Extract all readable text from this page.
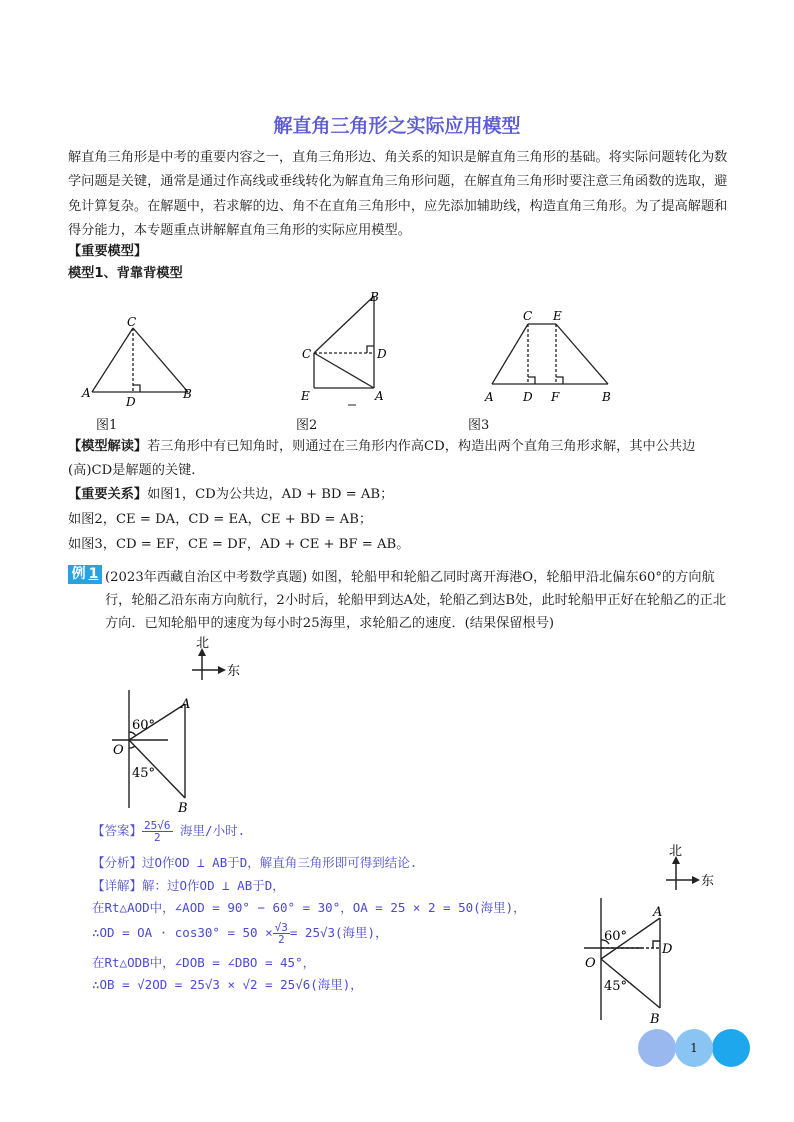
解直角三角形之实际应用模型
解直角三角形是中考的重要内容之一，直角三角形边、角关系的知识是解直角三角形的基础。将实际问题转化为数学问题是关键，通常是通过作高线或垂线转化为解直角三角形问题，在解直角三角形时要注意三角函数的选取，避免计算复杂。在解题中，若求解的边、角不在直角三角形中，应先添加辅助线，构造直角三角形。为了提高解题和得分能力，本专题重点讲解解直角三角形的实际应用模型。
【重要模型】
模型1、背靠背模型
C
A	B
D
图1
B
C	D
E	A
图2
C E
A D F	B
图3
【模型解读】若三角形中有已知角时，则通过在三角形内作高CD，构造出两个直角三角形求解，其中公共边(高)CD是解题的关键.
【重要关系】如图1，CD为公共边，AD + BD = AB；
如图2，CE = DA，CD = EA，CE + BD = AB；
如图3，CD = EF，CE = DF，AD + CE + BF = AB。
例 1 (2023年西藏自治区中考数学真题) 如图，轮船甲和轮船乙同时离开海港O，轮船甲沿北偏东60°的方向航行，轮船乙沿东南方向航行，2小时后，轮船甲到达A处，轮船乙到达B处，此时轮船甲正好在轮船乙的正北方向．已知轮船甲的速度为每小时25海里，求轮船乙的速度．(结果保留根号)
北
东
60°
45°
O
A
B
【答案】 $\frac{25√6}{2}$ 海里/小时.
【分析】过O作OD ⊥ AB于D，解直角三角形即可得到结论.
【详解】解：过O作OD ⊥ AB于D，
在Rt△AOD中，∠AOD = 90° − 60° = 30°，OA = 25 × 2 = 50(海里)，
∴OD = OA · $\cos 30^\circ = 50 \times \frac{√3}{2} = 25√3$(海里)，
在Rt△ODB中，∠DOB = ∠DBO = 45°，
∴OB = √2OD = 25√3 × √2 = 25√6(海里)，
北
东
60°
45°
O
A
D
B
1
